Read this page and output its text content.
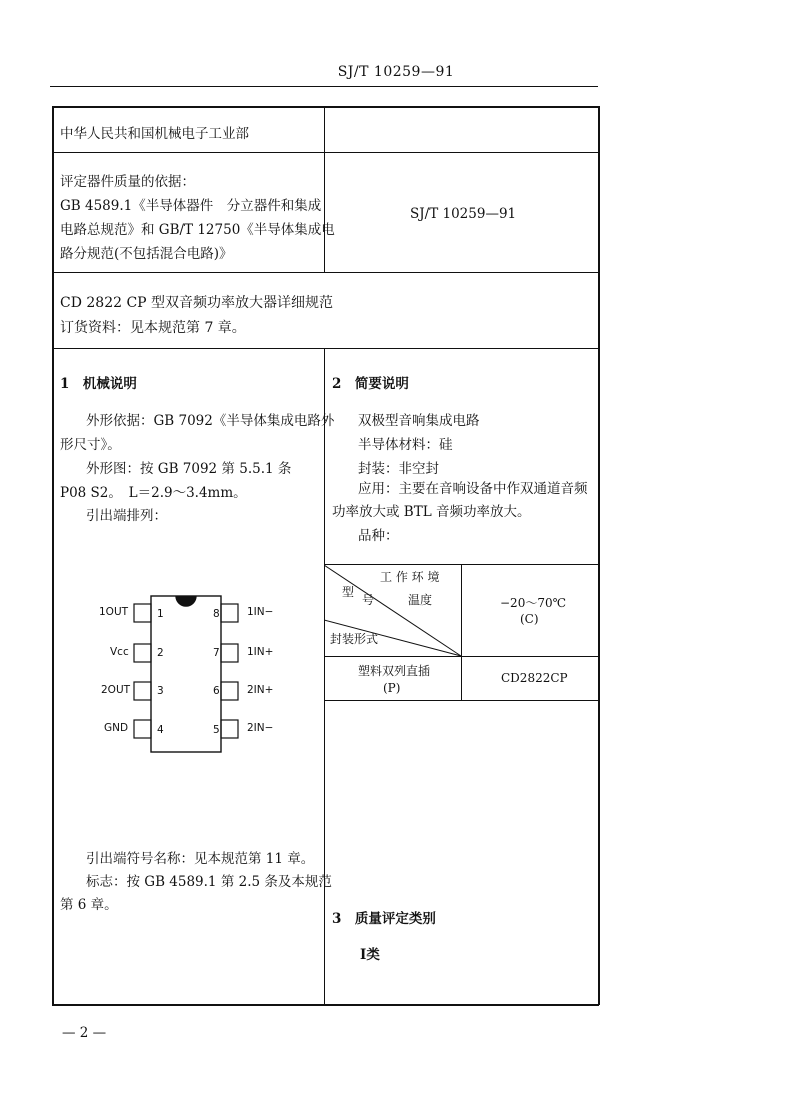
SJ/T 10259—91
中华人民共和国机械电子工业部
评定器件质量的依据：
GB 4589.1《半导体器件　分立器件和集成
电路总规范》和 GB/T 12750《半导体集成电
路分规范(不包括混合电路)》
SJ/T 10259—91
CD 2822 CP 型双音频功率放大器详细规范
订货资料：见本规范第 7 章。
1　机械说明
外形依据：GB 7092《半导体集成电路外
形尺寸》。
外形图：按 GB 7092 第 5.5.1 条
P08 S2。　L＝2.9～3.4mm。
引出端排列：
1OUT
Vcc
2OUT
GND
1
2
3
4
8
7
6
5
1IN−
1IN+
2IN+
2IN−
引出端符号名称：见本规范第 11 章。
标志：按 GB 4589.1 第 2.5 条及本规范
第 6 章。
2　简要说明
双极型音响集成电路
半导体材料：硅
封装：非空封
应用：主要在音响设备中作双通道音频
功率放大或 BTL 音频功率放大。
品种：
工 作 环 境
型
号	温度
封装形式
−20～70℃
(C)
塑料双列直插
(P)
CD2822CP
3　质量评定类别
Ⅰ类
— 2 —
